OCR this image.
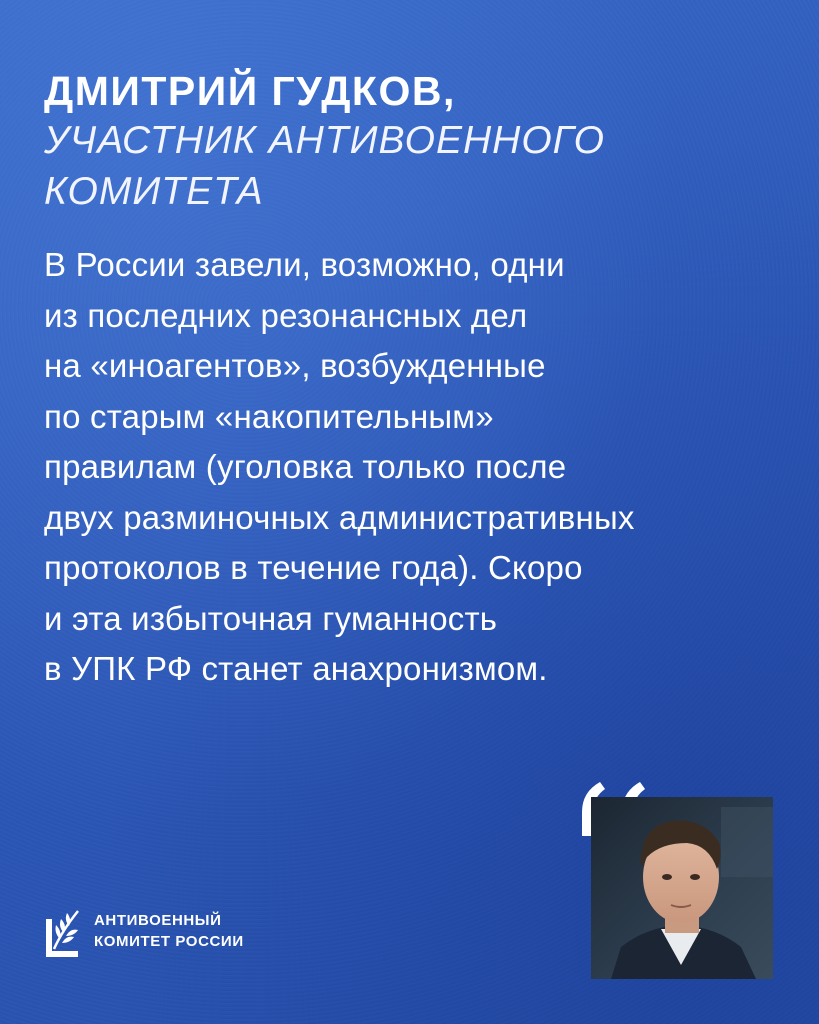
ДМИТРИЙ ГУДКОВ,
УЧАСТНИК АНТИВОЕННОГО
КОМИТЕТА
В России завели, возможно, одни
из последних резонансных дел
на «иноагентов», возбужденные
по старым «накопительным»
правилам (уголовка только после
двух разминочных административных
протоколов в течение года). Скоро
и эта избыточная гуманность
в УПК РФ станет анахронизмом.
АНТИВОЕННЫЙ
КОМИТЕТ РОССИИ
